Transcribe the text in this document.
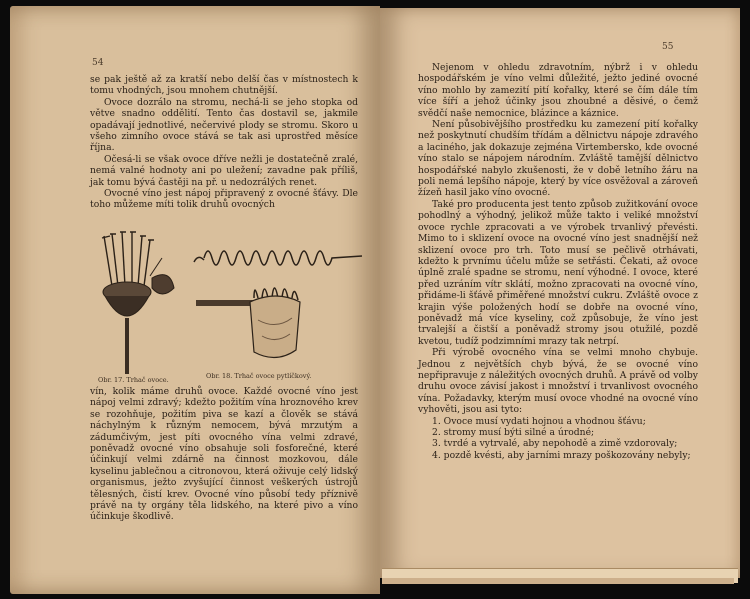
54

se pak ještě až za kratší nebo delší čas v místnostech k tomu vhodných, jsou mnohem chutnější.

Ovoce dozrálo na stromu, nechá-li se jeho stopka od větve snadno oddělití. Tento čas dostavil se, jakmile opadávají jednotlivé, nečervivé plody se stromu. Skoro u všeho zimního ovoce stává se tak asi uprostřed měsíce října.

Očesá-li se však ovoce dříve nežli je dostatečně zralé, nemá valné hodnoty ani po uležení; zavadne pak příliš, jak tomu bývá častěji na př. u nedozrálých renet.

Ovocné víno jest nápoj připravený z ovocné šťávy. Dle toho můžeme míti tolik druhů ovocných

Obr. 17. Trhač ovoce.	Obr. 18. Trhač ovoce pytlíčkový.

vín, kolik máme druhů ovoce. Každé ovocné víno jest nápoj velmi zdravý; kdežto požitím vína hroznového krev se rozohňuje, požitím piva se kazí a člověk se stává náchylným k různým nemocem, bývá mrzutým a zádumčivým, jest píti ovocného vína velmi zdravé, poněvadž ovocné víno obsahuje soli fosforečné, které účinkují velmi zdárně na činnost mozkovou, dále kyselinu jablečnou a citronovou, která oživuje celý lidský organismus, ježto zvyšující činnost veškerých ústrojů tělesných, čistí krev. Ovocné víno působí tedy příznivě právě na ty orgány těla lidského, na které pivo a víno účinkuje škodlivě.

55

Nejenom v ohledu zdravotním, nýbrž i v ohledu hospodářském je víno velmi důležité, ježto jediné ovocné víno mohlo by zamezití pití kořalky, které se čím dále tím více šíří a jehož účinky jsou zhoubné a děsivé, o čemž svědčí naše nemocnice, blázince a káznice.

Není působivějšího prostředku ku zamezení pití kořalky než poskytnutí chudším třídám a dělnictvu nápoje zdravého a laciného, jak dokazuje zejména Virtembersko, kde ovocné víno stalo se nápojem národním. Zvláště tamější dělnictvo hospodářské nabylo zkušenosti, že v době letního žáru na poli nemá lepšího nápoje, který by více osvěžoval a zároveň žízeň hasil jako víno ovocné.

Také pro producenta jest tento způsob zužitkování ovoce pohodlný a výhodný, jelikož může takto i veliké množství ovoce rychle zpracovati a ve výrobek trvanlivý převésti. Mimo to i sklizení ovoce na ovocné víno jest snadnější než sklizení ovoce pro trh. Toto musí se pečlivě otrhávati, kdežto k prvnímu účelu může se setřásti. Čekati, až ovoce úplně zralé spadne se stromu, není výhodné. I ovoce, které před uzráním vítr sklátí, možno zpracovati na ovocné víno, přidáme-li šťávě přiměřené množství cukru. Zvláště ovoce z krajin výše položených hodí se dobře na ovocné víno, poněvadž má více kyseliny, což způsobuje, že víno jest trvalejší a čistší a poněvadž stromy jsou otužilé, pozdě kvetou, tudíž podzimními mrazy tak netrpí.

Při výrobě ovocného vína se velmi mnoho chybuje. Jednou z největších chyb bývá, že se ovocné víno nepřipravuje z náležitých ovocných druhů. A právě od volby druhu ovoce závisí jakost i množství i trvanlivost ovocného vína. Požadavky, kterým musí ovoce vhodné na ovocné víno vyhověti, jsou asi tyto:

1. Ovoce musí vydati hojnou a vhodnou šťávu;

2. stromy musí býti silné a úrodné;

3. tvrdé a vytrvalé, aby nepohodě a zimě vzdorovaly;

4. pozdě kvésti, aby jarními mrazy poškozovány nebyly;
